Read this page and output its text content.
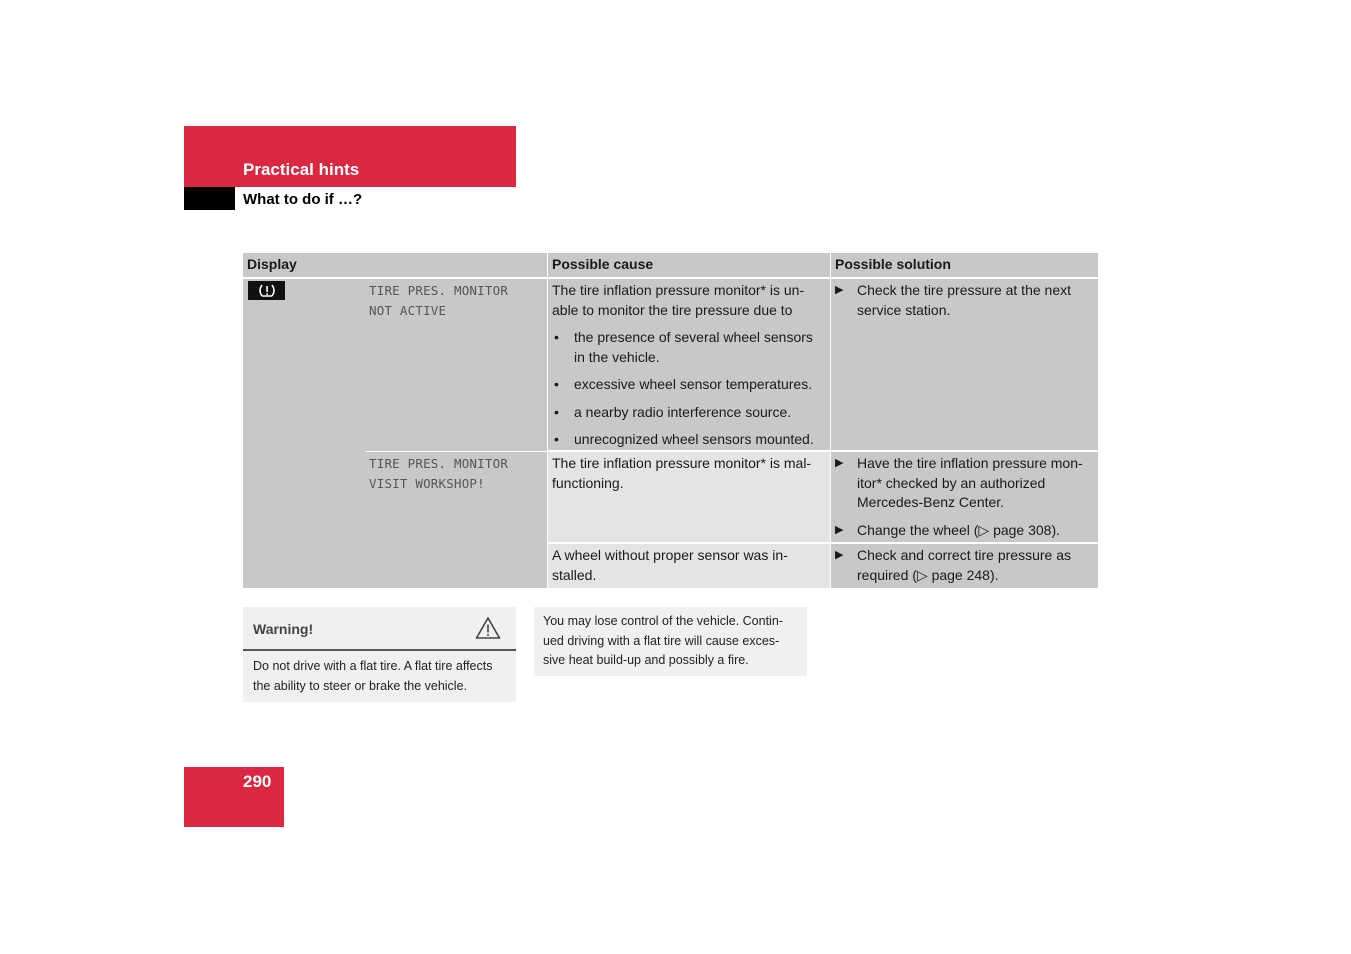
Practical hints
What to do if …?
Display	Possible cause	Possible solution
TIRE PRES. MONITOR
NOT ACTIVE
The tire inflation pressure monitor* is un-able to monitor the tire pressure due to
• the presence of several wheel sensors in the vehicle.
• excessive wheel sensor temperatures.
• a nearby radio interference source.
• unrecognized wheel sensors mounted.
▶ Check the tire pressure at the next service station.
TIRE PRES. MONITOR
VISIT WORKSHOP!
The tire inflation pressure monitor* is mal-functioning.
▶ Have the tire inflation pressure mon-itor* checked by an authorized Mercedes-Benz Center.
▶ Change the wheel (▷ page 308).
A wheel without proper sensor was in-stalled.
▶ Check and correct tire pressure as required (▷ page 248).
Warning!
Do not drive with a flat tire. A flat tire affects the ability to steer or brake the vehicle.
You may lose control of the vehicle. Contin-ued driving with a flat tire will cause exces-sive heat build-up and possibly a fire.
290
